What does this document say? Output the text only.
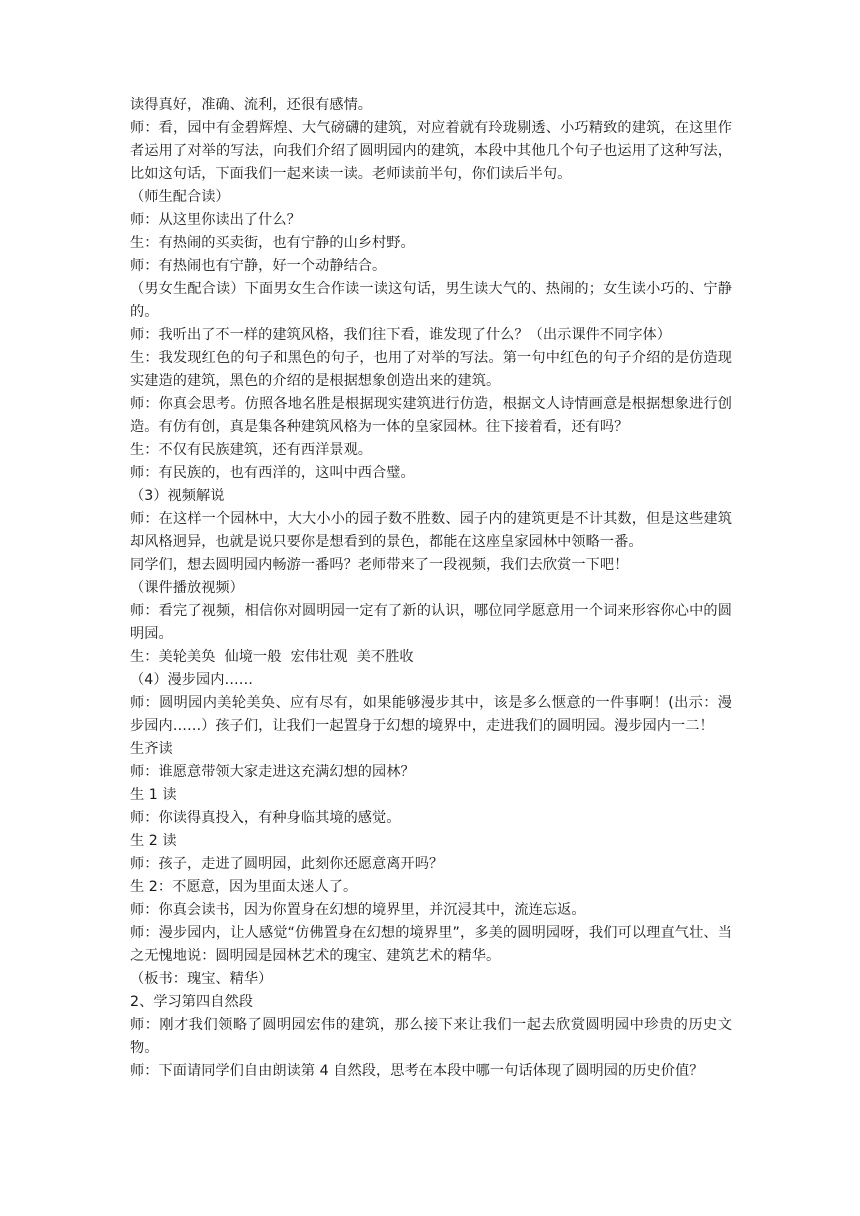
读得真好，准确、流利，还很有感情。

师：看，园中有金碧辉煌、大气磅礴的建筑，对应着就有玲珑剔透、小巧精致的建筑，在这里作者运用了对举的写法，向我们介绍了圆明园内的建筑，本段中其他几个句子也运用了这种写法，比如这句话，下面我们一起来读一读。老师读前半句，你们读后半句。

（师生配合读）

师：从这里你读出了什么？

生：有热闹的买卖街，也有宁静的山乡村野。

师：有热闹也有宁静，好一个动静结合。

（男女生配合读）下面男女生合作读一读这句话，男生读大气的、热闹的；女生读小巧的、宁静的。

师：我听出了不一样的建筑风格，我们往下看，谁发现了什么？（出示课件不同字体）

生：我发现红色的句子和黑色的句子，也用了对举的写法。第一句中红色的句子介绍的是仿造现实建造的建筑，黑色的介绍的是根据想象创造出来的建筑。

师：你真会思考。仿照各地名胜是根据现实建筑进行仿造，根据文人诗情画意是根据想象进行创造。有仿有创，真是集各种建筑风格为一体的皇家园林。往下接着看，还有吗？

生：不仅有民族建筑，还有西洋景观。

师：有民族的，也有西洋的，这叫中西合璧。

（3）视频解说

师：在这样一个园林中，大大小小的园子数不胜数、园子内的建筑更是不计其数，但是这些建筑却风格迥异，也就是说只要你是想看到的景色，都能在这座皇家园林中领略一番。

同学们，想去圆明园内畅游一番吗？老师带来了一段视频，我们去欣赏一下吧！

（课件播放视频）

师：看完了视频，相信你对圆明园一定有了新的认识，哪位同学愿意用一个词来形容你心中的圆明园。

生：美轮美奂  仙境一般  宏伟壮观  美不胜收

（4）漫步园内……

师：圆明园内美轮美奂、应有尽有，如果能够漫步其中，该是多么惬意的一件事啊！(出示：漫步园内……）孩子们，让我们一起置身于幻想的境界中，走进我们的圆明园。漫步园内一二！

生齐读

师：谁愿意带领大家走进这充满幻想的园林？

生 1 读

师：你读得真投入，有种身临其境的感觉。

生 2 读

师：孩子，走进了圆明园，此刻你还愿意离开吗？

生 2：不愿意，因为里面太迷人了。

师：你真会读书，因为你置身在幻想的境界里，并沉浸其中，流连忘返。

师：漫步园内，让人感觉“仿佛置身在幻想的境界里”，多美的圆明园呀，我们可以理直气壮、当之无愧地说：圆明园是园林艺术的瑰宝、建筑艺术的精华。

（板书：瑰宝、精华）

2、学习第四自然段

师：刚才我们领略了圆明园宏伟的建筑，那么接下来让我们一起去欣赏圆明园中珍贵的历史文物。

师：下面请同学们自由朗读第 4 自然段，思考在本段中哪一句话体现了圆明园的历史价值？
